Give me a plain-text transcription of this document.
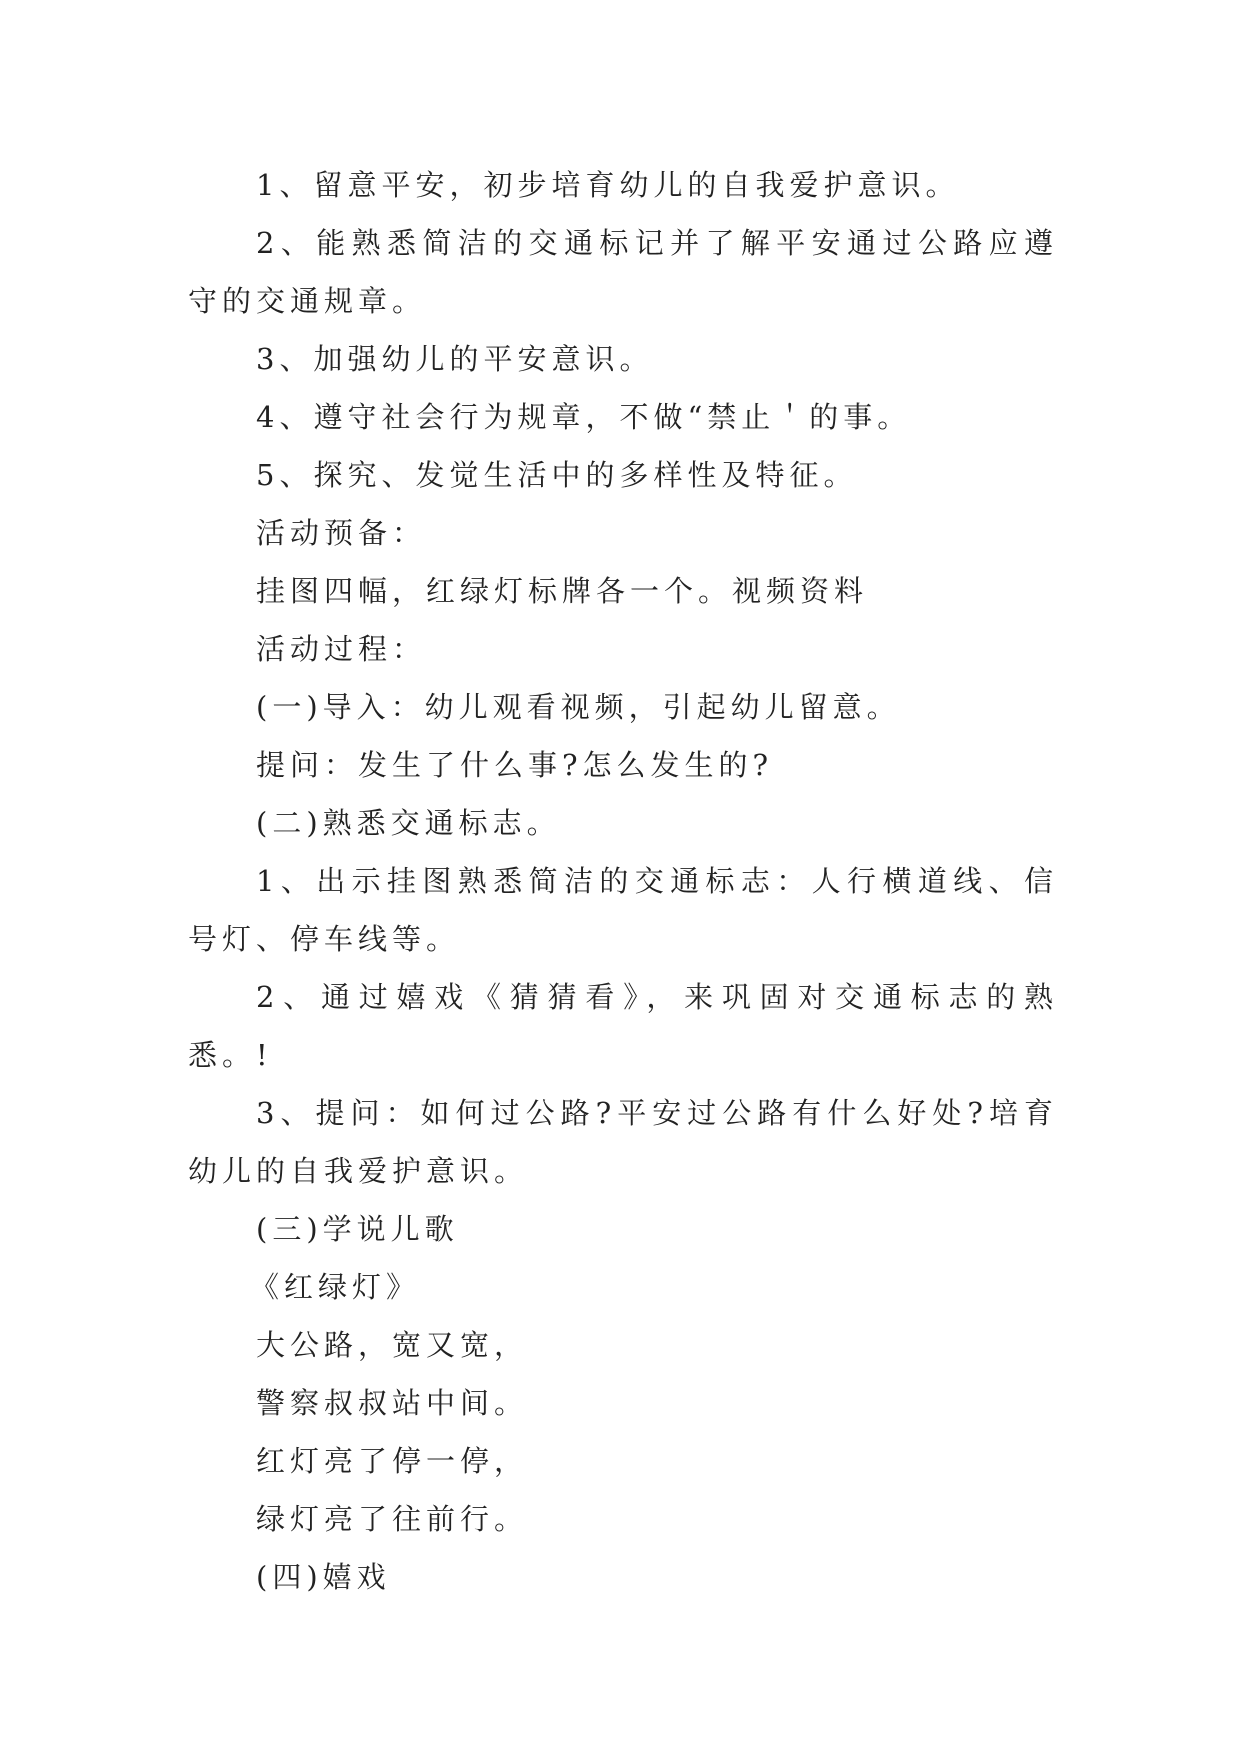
1、留意平安，初步培育幼儿的自我爱护意识。

2、能熟悉简洁的交通标记并了解平安通过公路应遵守的交通规章。

3、加强幼儿的平安意识。

4、遵守社会行为规章，不做“禁止＇的事。

5、探究、发觉生活中的多样性及特征。

活动预备：

挂图四幅，红绿灯标牌各一个。视频资料

活动过程：

(一)导入：幼儿观看视频，引起幼儿留意。

提问：发生了什么事?怎么发生的?

(二)熟悉交通标志。

1、出示挂图熟悉简洁的交通标志：人行横道线、信号灯、停车线等。

2、通过嬉戏《猜猜看》，来巩固对交通标志的熟悉。!

3、提问：如何过公路?平安过公路有什么好处?培育幼儿的自我爱护意识。

(三)学说儿歌

《红绿灯》

大公路，宽又宽，

警察叔叔站中间。

红灯亮了停一停，

绿灯亮了往前行。

(四)嬉戏
